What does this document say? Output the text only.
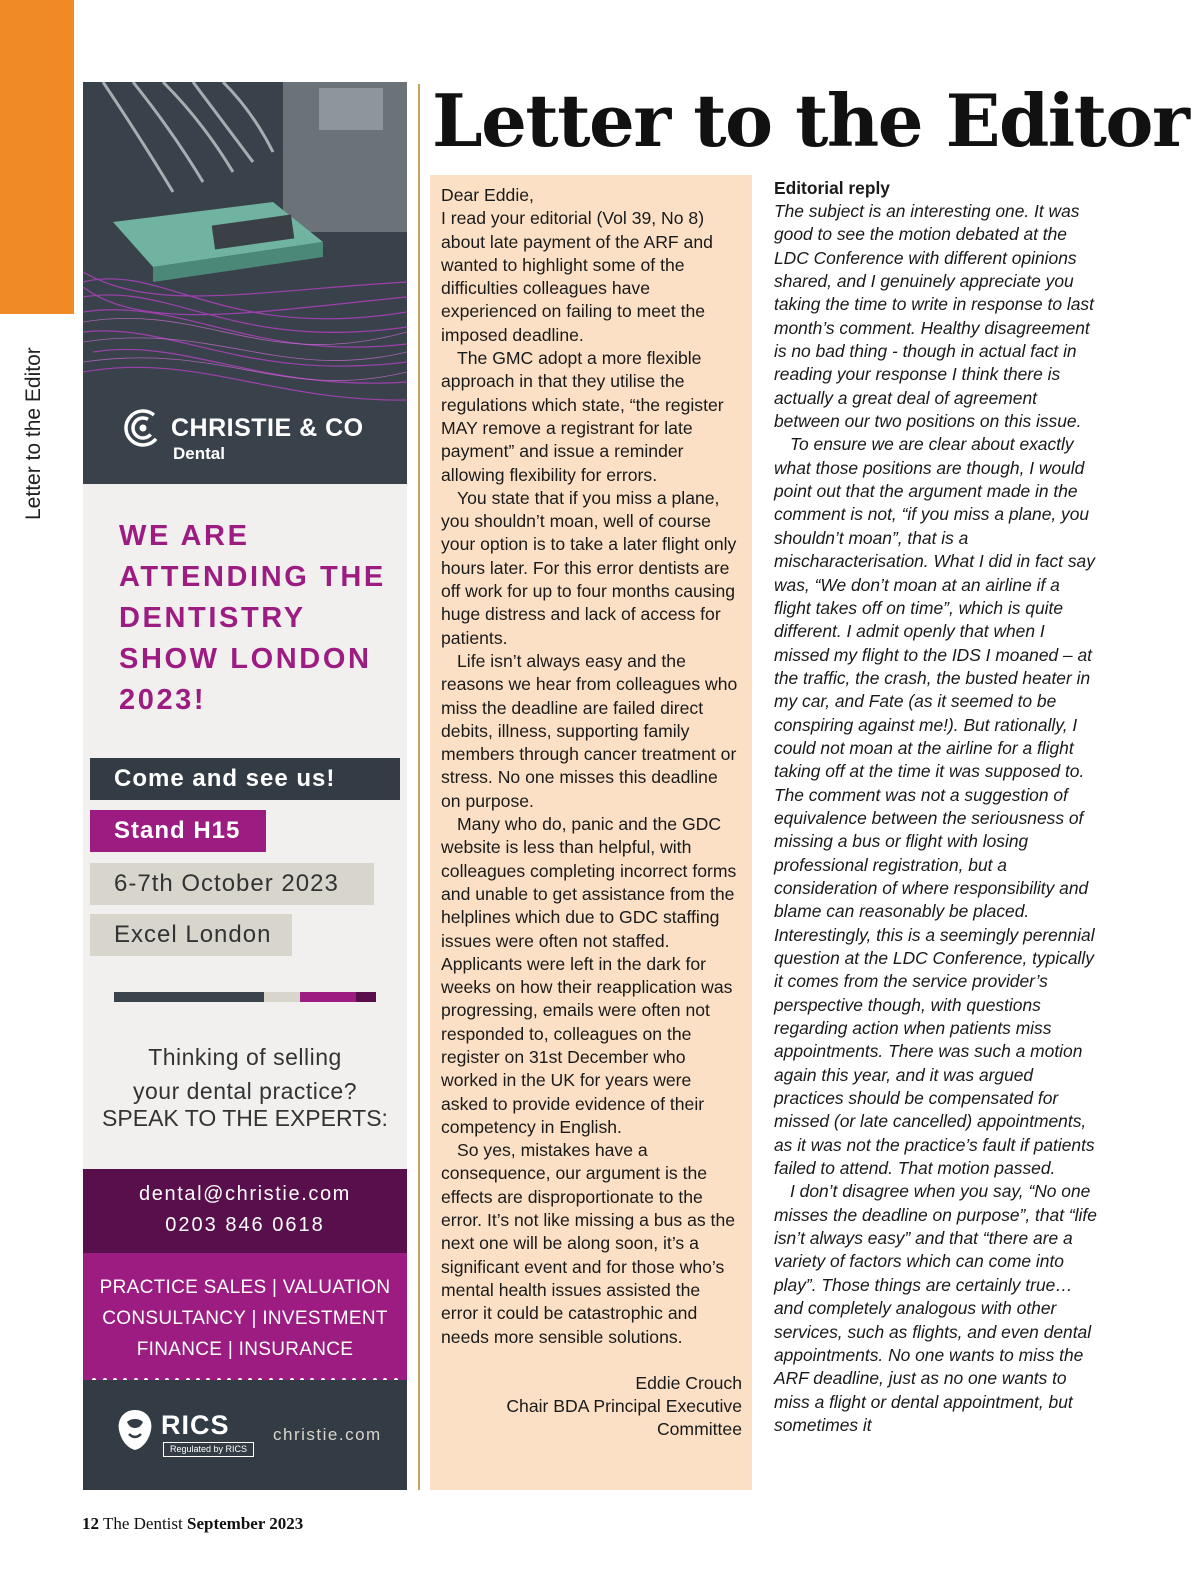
Letter to the Editor	CHRISTIE & CO
Dental
WE ARE ATTENDING THE DENTISTRY SHOW LONDON 2023!
Come and see us!
Stand H15
6-7th October 2023
Excel London
Thinking of selling
your dental practice?
SPEAK TO THE EXPERTS:
dental@christie.com
0203 846 0618
PRACTICE SALES | VALUATION
CONSULTANCY | INVESTMENT
FINANCE | INSURANCE
RICS
Regulated by RICS
christie.com
Letter to the Editor

Dear Eddie,

I read your editorial (Vol 39, No 8) about late payment of the ARF and wanted to highlight some of the difficulties colleagues have experienced on failing to meet the imposed deadline.

The GMC adopt a more flexible approach in that they utilise the regulations which state, “the register MAY remove a registrant for late payment” and issue a reminder allowing flexibility for errors.

You state that if you miss a plane, you shouldn’t moan, well of course your option is to take a later flight only hours later. For this error dentists are off work for up to four months causing huge distress and lack of access for patients.

Life isn’t always easy and the reasons we hear from colleagues who miss the deadline are failed direct debits, illness, supporting family members through cancer treatment or stress. No one misses this deadline on purpose.

Many who do, panic and the GDC website is less than helpful, with colleagues completing incorrect forms and unable to get assistance from the helplines which due to GDC staffing issues were often not staffed. Applicants were left in the dark for weeks on how their reapplication was progressing, emails were often not responded to, colleagues on the register on 31st December who worked in the UK for years were asked to provide evidence of their competency in English.

So yes, mistakes have a consequence, our argument is the effects are disproportionate to the error. It’s not like missing a bus as the next one will be along soon, it’s a significant event and for those who’s mental health issues assisted the error it could be catastrophic and needs more sensible solutions.

Eddie Crouch
Chair BDA Principal Executive
Committee
Editorial reply

The subject is an interesting one. It was good to see the motion debated at the LDC Conference with different opinions shared, and I genuinely appreciate you taking the time to write in response to last month’s comment. Healthy disagreement is no bad thing - though in actual fact in reading your response I think there is actually a great deal of agreement between our two positions on this issue.

To ensure we are clear about exactly what those positions are though, I would point out that the argument made in the comment is not, “if you miss a plane, you shouldn’t moan”, that is a mischaracterisation. What I did in fact say was, “We don’t moan at an airline if a flight takes off on time”, which is quite different. I admit openly that when I missed my flight to the IDS I moaned – at the traffic, the crash, the busted heater in my car, and Fate (as it seemed to be conspiring against me!). But rationally, I could not moan at the airline for a flight taking off at the time it was supposed to. The comment was not a suggestion of equivalence between the seriousness of missing a bus or flight with losing professional registration, but a consideration of where responsibility and blame can reasonably be placed. Interestingly, this is a seemingly perennial question at the LDC Conference, typically it comes from the service provider’s perspective though, with questions regarding action when patients miss appointments. There was such a motion again this year, and it was argued practices should be compensated for missed (or late cancelled) appointments, as it was not the practice’s fault if patients failed to attend. That motion passed.

I don’t disagree when you say, “No one misses the deadline on purpose”, that “life isn’t always easy” and that “there are a variety of factors which can come into play”. Those things are certainly true… and completely analogous with other services, such as flights, and even dental appointments. No one wants to miss the ARF deadline, just as no one wants to miss a flight or dental appointment, but sometimes it

12 The Dentist September 2023
